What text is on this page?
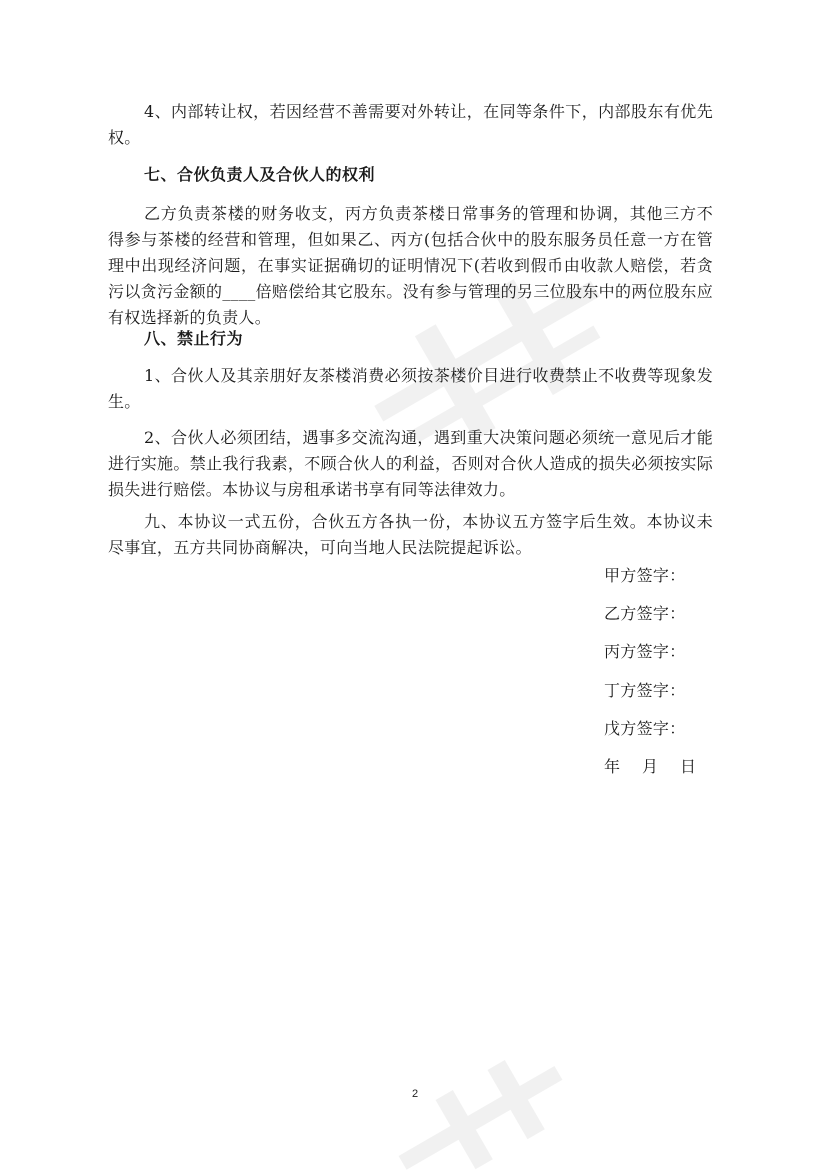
4、内部转让权，若因经营不善需要对外转让，在同等条件下，内部股东有优先权。

七、合伙负责人及合伙人的权利

乙方负责茶楼的财务收支，丙方负责茶楼日常事务的管理和协调，其他三方不得参与茶楼的经营和管理，但如果乙、丙方(包括合伙中的股东服务员任意一方在管理中出现经济问题，在事实证据确切的证明情况下(若收到假币由收款人赔偿，若贪污以贪污金额的____倍赔偿给其它股东。没有参与管理的另三位股东中的两位股东应有权选择新的负责人。

八、禁止行为

1、合伙人及其亲朋好友茶楼消费必须按茶楼价目进行收费禁止不收费等现象发生。

2、合伙人必须团结，遇事多交流沟通，遇到重大决策问题必须统一意见后才能进行实施。禁止我行我素，不顾合伙人的利益，否则对合伙人造成的损失必须按实际损失进行赔偿。本协议与房租承诺书享有同等法律效力。

九、本协议一式五份，合伙五方各执一份，本协议五方签字后生效。本协议未尽事宜，五方共同协商解决，可向当地人民法院提起诉讼。

甲方签字：
乙方签字：
丙方签字：
丁方签字：
戊方签字：
年 月 日
2
